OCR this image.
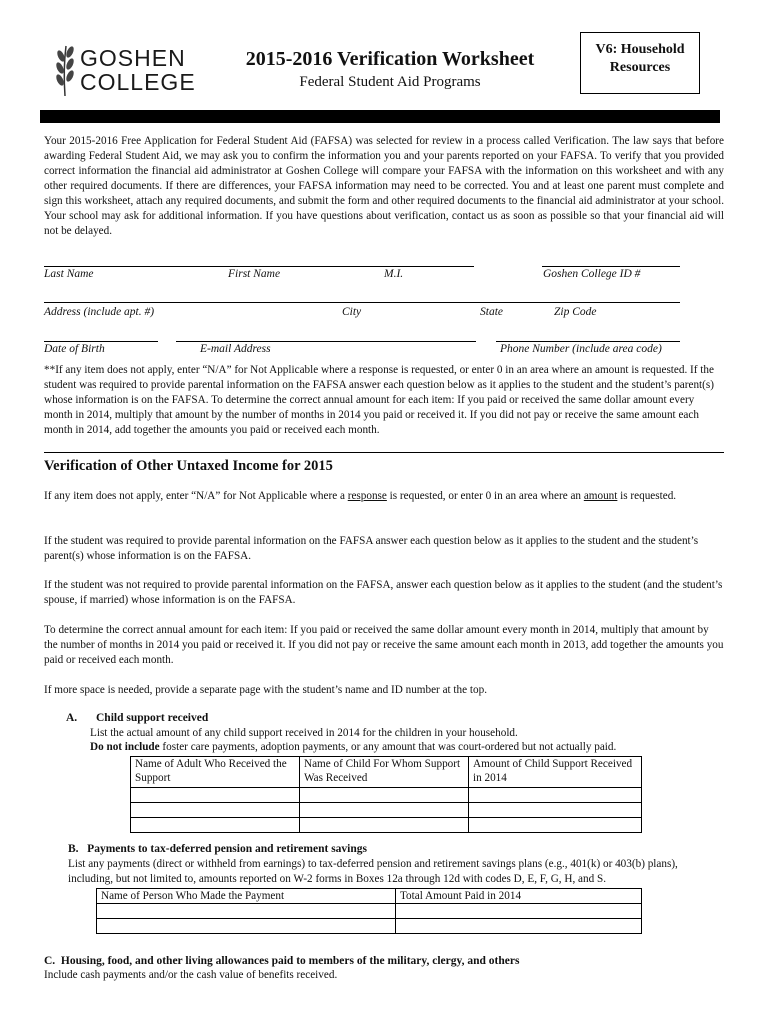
GOSHEN
COLLEGE
2015-2016 Verification Worksheet
Federal Student Aid Programs
V6: Household
Resources
Your 2015-2016 Free Application for Federal Student Aid (FAFSA) was selected for review in a process called Verification. The law says that before awarding Federal Student Aid, we may ask you to confirm the information you and your parents reported on your FAFSA. To verify that you provided correct information the financial aid administrator at Goshen College will compare your FAFSA with the information on this worksheet and with any other required documents. If there are differences, your FAFSA information may need to be corrected. You and at least one parent must complete and sign this worksheet, attach any required documents, and submit the form and other required documents to the financial aid administrator at your school. Your school may ask for additional information. If you have questions about verification, contact us as soon as possible so that your financial aid will not be delayed.
Last Name	First Name	M.I.	Goshen College ID #
Address (include apt. #)	City	State	Zip Code
Date of Birth	E-mail Address	Phone Number (include area code)
**If any item does not apply, enter “N/A” for Not Applicable where a response is requested, or enter 0 in an area where an amount is requested. If the student was required to provide parental information on the FAFSA answer each question below as it applies to the student and the student’s parent(s) whose information is on the FAFSA. To determine the correct annual amount for each item: If you paid or received the same dollar amount every month in 2014, multiply that amount by the number of months in 2014 you paid or received it. If you did not pay or receive the same amount each month in 2014, add together the amounts you paid or received each month.
Verification of Other Untaxed Income for 2015
If any item does not apply, enter “N/A” for Not Applicable where a response is requested, or enter 0 in an area where an amount is requested.
If the student was required to provide parental information on the FAFSA answer each question below as it applies to the student and the student’s parent(s) whose information is on the FAFSA.
If the student was not required to provide parental information on the FAFSA, answer each question below as it applies to the student (and the student’s spouse, if married) whose information is on the FAFSA.
To determine the correct annual amount for each item: If you paid or received the same dollar amount every month in 2014, multiply that amount by the number of months in 2014 you paid or received it. If you did not pay or receive the same amount each month in 2013, add together the amounts you paid or received each month.
If more space is needed, provide a separate page with the student’s name and ID number at the top.
A. Child support received
List the actual amount of any child support received in 2014 for the children in your household.
Do not include foster care payments, adoption payments, or any amount that was court-ordered but not actually paid.
Name of Adult Who Received the Support	Name of Child For Whom Support Was Received	Amount of Child Support Received in 2014

B.   Payments to tax-deferred pension and retirement savings
List any payments (direct or withheld from earnings) to tax-deferred pension and retirement savings plans (e.g., 401(k) or 403(b) plans), including, but not limited to, amounts reported on W-2 forms in Boxes 12a through 12d with codes D, E, F, G, H, and S.
Name of Person Who Made the Payment	Total Amount Paid in 2014

C.  Housing, food, and other living allowances paid to members of the military, clergy, and others
Include cash payments and/or the cash value of benefits received.
